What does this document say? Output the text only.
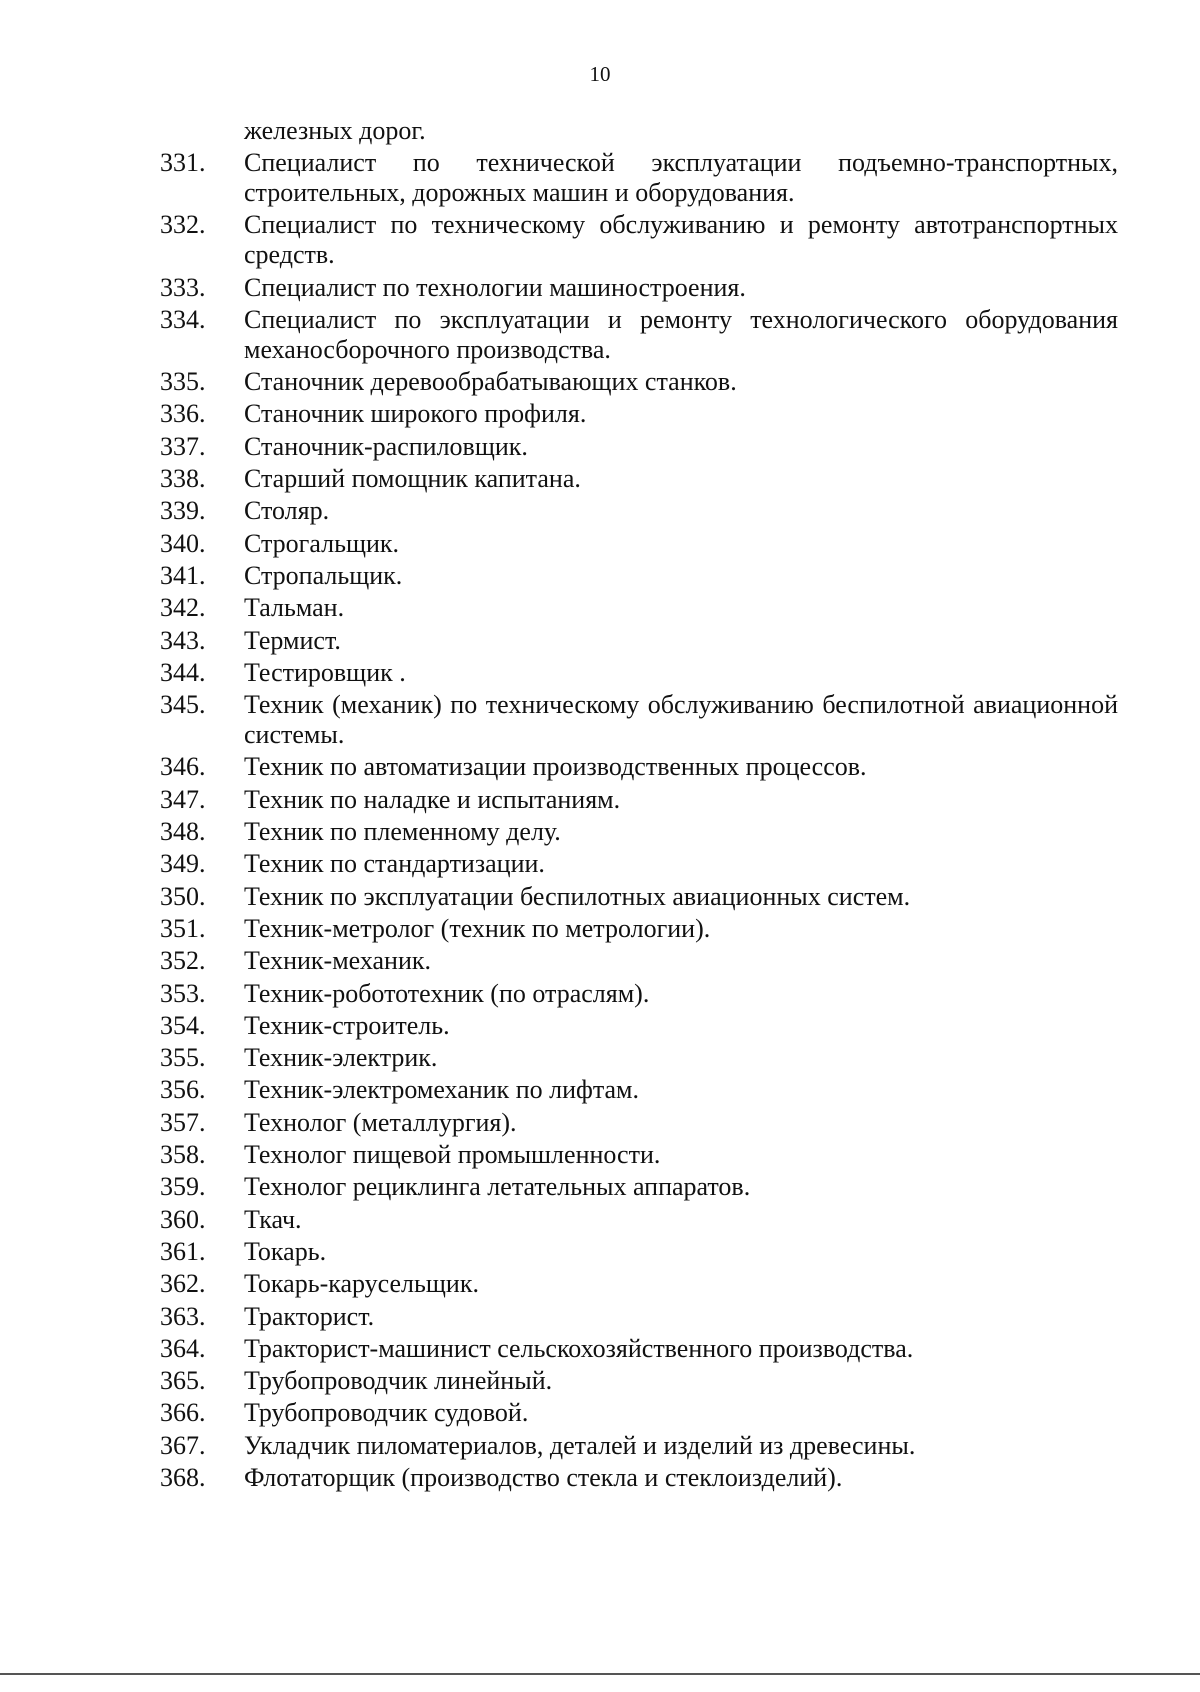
10
железных дорог.
331.	Специалист по технической эксплуатации подъемно-транспортных, строительных, дорожных машин и оборудования.
332.	Специалист по техническому обслуживанию и ремонту автотранспортных средств.
333.	Специалист по технологии машиностроения.
334.	Специалист по эксплуатации и ремонту технологического оборудования механосборочного производства.
335.	Станочник деревообрабатывающих станков.
336.	Станочник широкого профиля.
337.	Станочник-распиловщик.
338.	Старший помощник капитана.
339.	Столяр.
340.	Строгальщик.
341.	Стропальщик.
342.	Тальман.
343.	Термист.
344.	Тестировщик .
345.	Техник (механик) по техническому обслуживанию беспилотной авиационной системы.
346.	Техник по автоматизации производственных процессов.
347.	Техник по наладке и испытаниям.
348.	Техник по племенному делу.
349.	Техник по стандартизации.
350.	Техник по эксплуатации беспилотных авиационных систем.
351.	Техник-метролог (техник по метрологии).
352.	Техник-механик.
353.	Техник-робототехник (по отраслям).
354.	Техник-строитель.
355.	Техник-электрик.
356.	Техник-электромеханик по лифтам.
357.	Технолог (металлургия).
358.	Технолог пищевой промышленности.
359.	Технолог рециклинга летательных аппаратов.
360.	Ткач.
361.	Токарь.
362.	Токарь-карусельщик.
363.	Тракторист.
364.	Тракторист-машинист сельскохозяйственного производства.
365.	Трубопроводчик линейный.
366.	Трубопроводчик судовой.
367.	Укладчик пиломатериалов, деталей и изделий из древесины.
368.	Флотаторщик (производство стекла и стеклоизделий).
